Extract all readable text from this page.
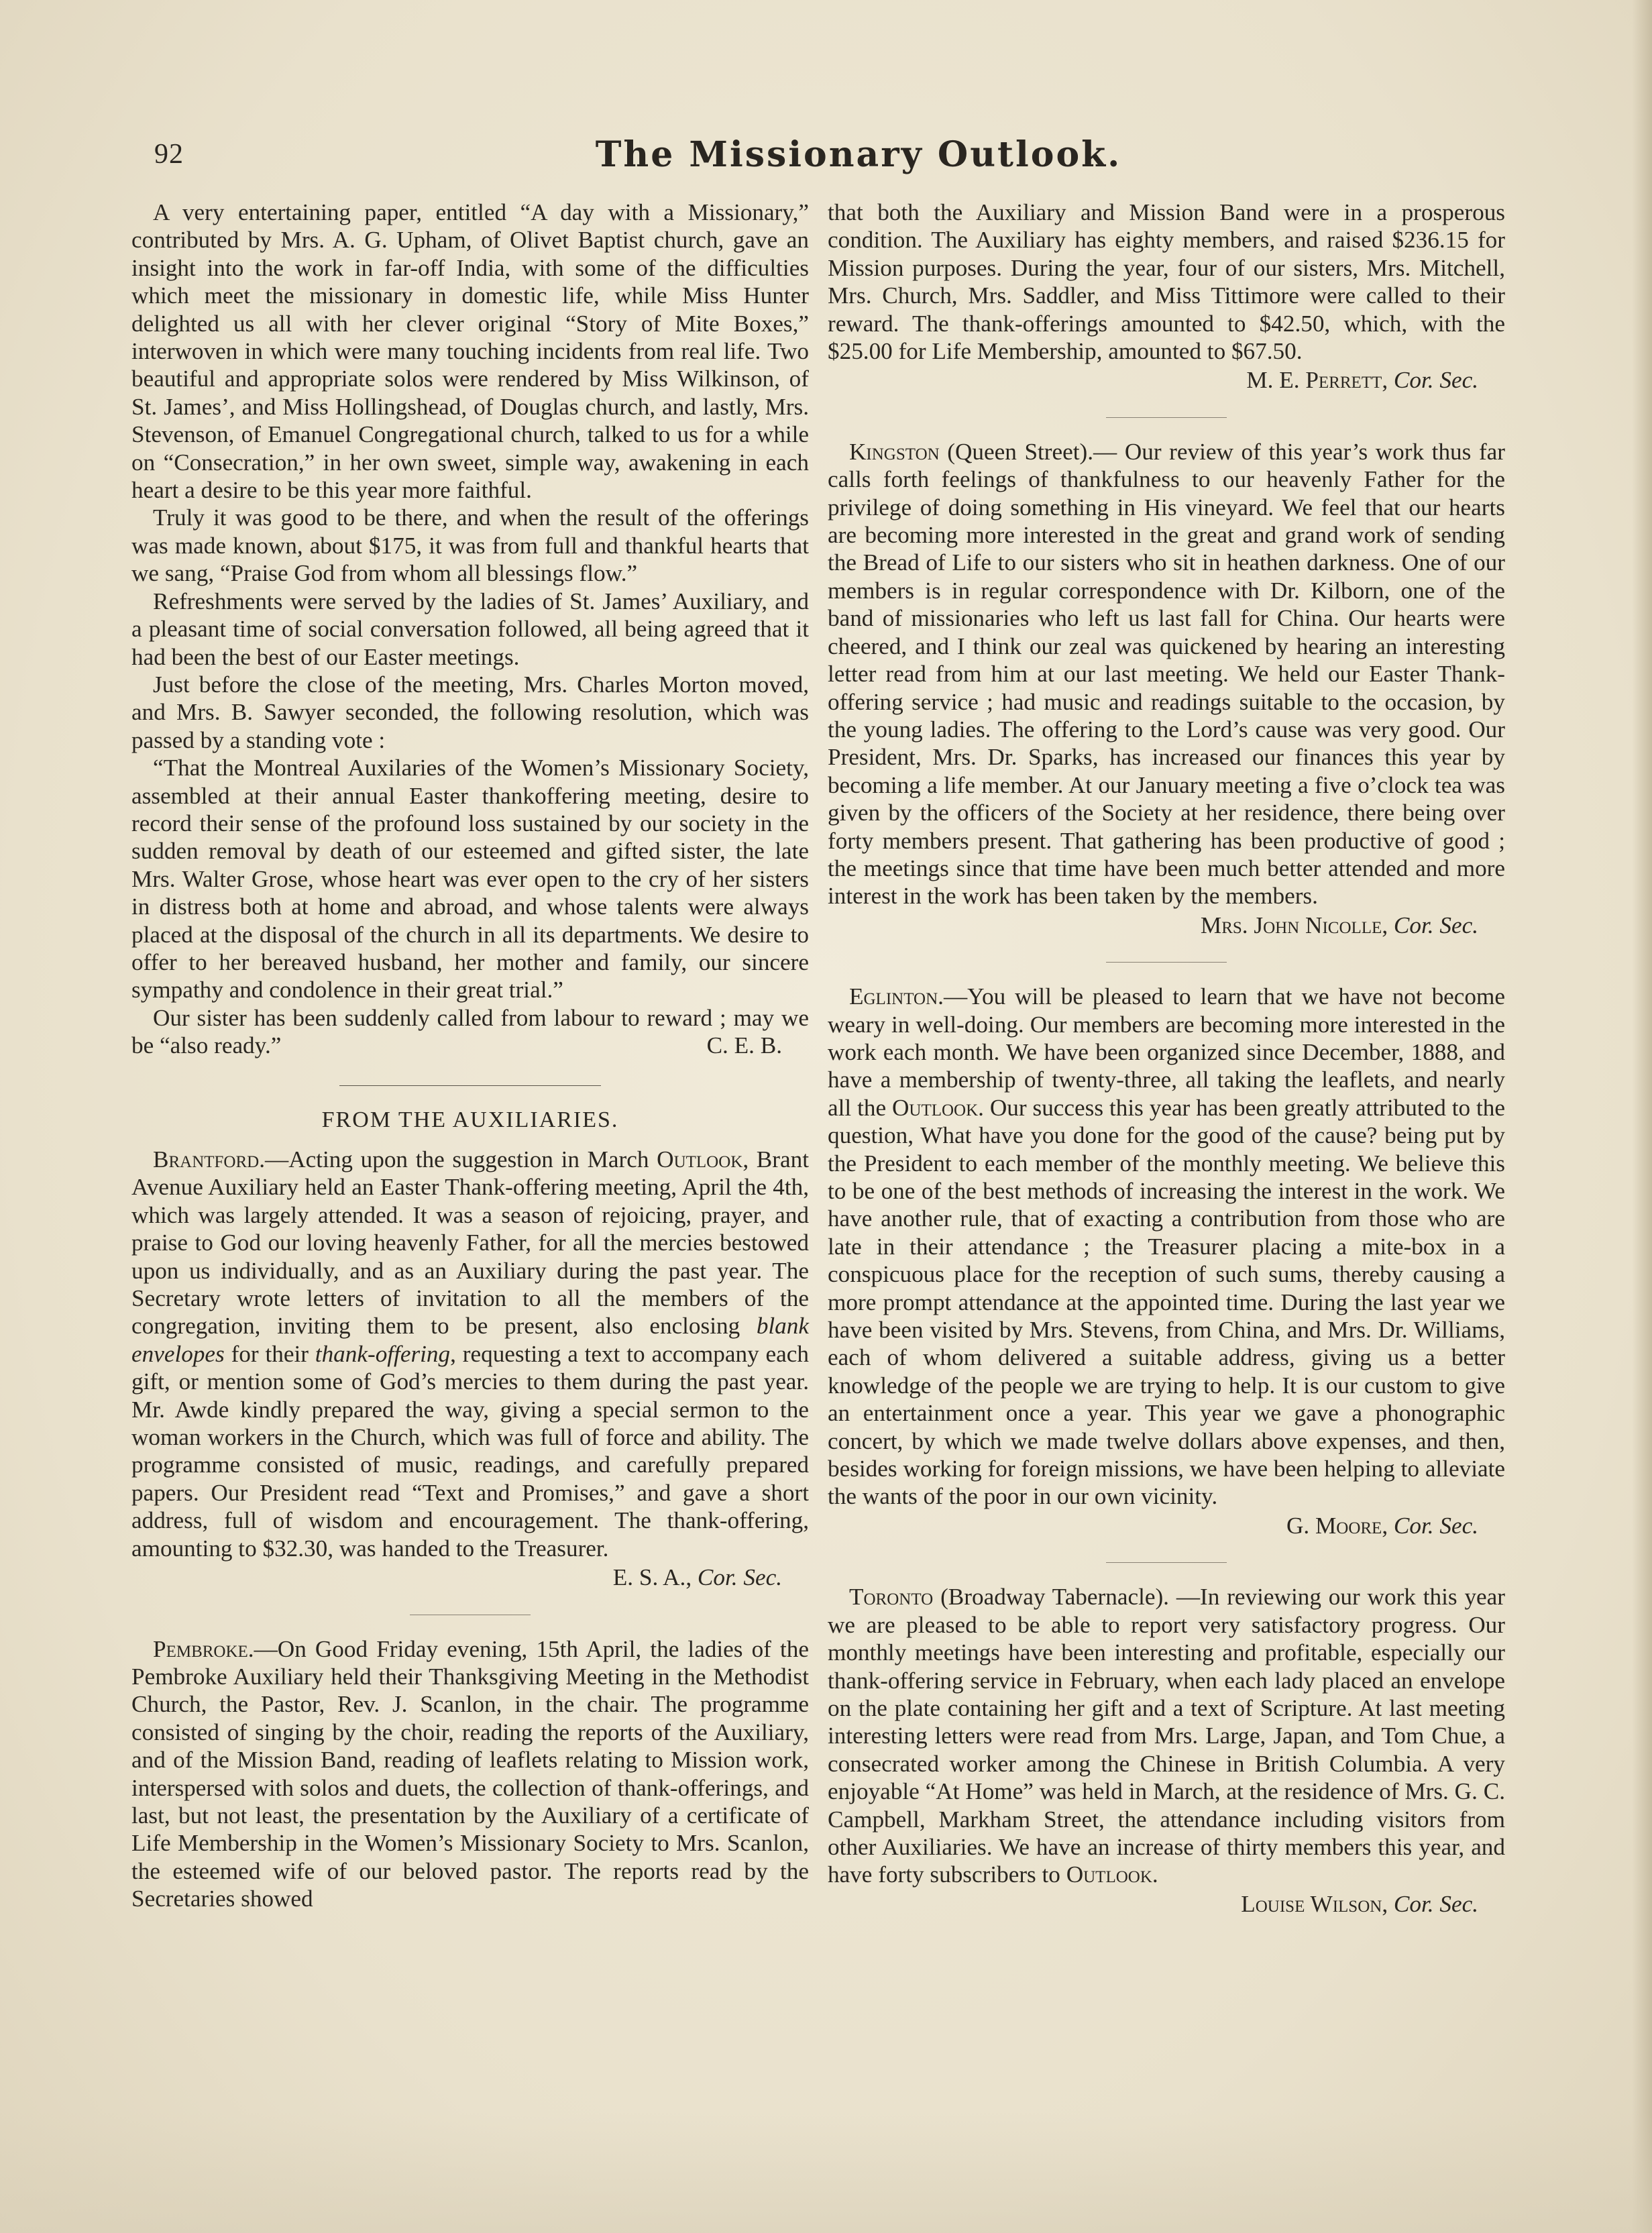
92	The Missionary Outlook.

A very entertaining paper, entitled “A day with a Missionary,” contributed by Mrs. A. G. Upham, of Olivet Baptist church, gave an insight into the work in far-off India, with some of the difficulties which meet the missionary in domestic life, while Miss Hunter delighted us all with her clever original “Story of Mite Boxes,” interwoven in which were many touching incidents from real life. Two beautiful and appropriate solos were rendered by Miss Wilkinson, of St. James’, and Miss Hollingshead, of Douglas church, and lastly, Mrs. Stevenson, of Emanuel Congregational church, talked to us for a while on “Consecration,” in her own sweet, simple way, awakening in each heart a desire to be this year more faithful.

Truly it was good to be there, and when the result of the offerings was made known, about $175, it was from full and thankful hearts that we sang, “Praise God from whom all blessings flow.”

Refreshments were served by the ladies of St. James’ Auxiliary, and a pleasant time of social conversation followed, all being agreed that it had been the best of our Easter meetings.

Just before the close of the meeting, Mrs. Charles Morton moved, and Mrs. B. Sawyer seconded, the following resolution, which was passed by a standing vote :

“That the Montreal Auxilaries of the Women’s Missionary Society, assembled at their annual Easter thankoffering meeting, desire to record their sense of the profound loss sustained by our society in the sudden removal by death of our esteemed and gifted sister, the late Mrs. Walter Grose, whose heart was ever open to the cry of her sisters in distress both at home and abroad, and whose talents were always placed at the disposal of the church in all its departments. We desire to offer to her bereaved husband, her mother and family, our sincere sympathy and condolence in their great trial.”

Our sister has been suddenly called from labour to reward ; may we be “also ready.”	C. E. B.

FROM THE AUXILIARIES.

Brantford.—Acting upon the suggestion in March Outlook, Brant Avenue Auxiliary held an Easter Thank-offering meeting, April the 4th, which was largely attended. It was a season of rejoicing, prayer, and praise to God our loving heavenly Father, for all the mercies bestowed upon us individually, and as an Auxiliary during the past year. The Secretary wrote letters of invitation to all the members of the congregation, inviting them to be present, also enclosing blank envelopes for their thank-offering, requesting a text to accompany each gift, or mention some of God’s mercies to them during the past year. Mr. Awde kindly prepared the way, giving a special sermon to the woman workers in the Church, which was full of force and ability. The programme consisted of music, readings, and carefully prepared papers. Our President read “Text and Promises,” and gave a short address, full of wisdom and encouragement. The thank-offering, amounting to $32.30, was handed to the Treasurer.

E. S. A., Cor. Sec.

Pembroke.—On Good Friday evening, 15th April, the ladies of the Pembroke Auxiliary held their Thanksgiving Meeting in the Methodist Church, the Pastor, Rev. J. Scanlon, in the chair. The programme consisted of singing by the choir, reading the reports of the Auxiliary, and of the Mission Band, reading of leaflets relating to Mission work, interspersed with solos and duets, the collection of thank-offerings, and last, but not least, the presentation by the Auxiliary of a certificate of Life Membership in the Women’s Missionary Society to Mrs. Scanlon, the esteemed wife of our beloved pastor. The reports read by the Secretaries showed

that both the Auxiliary and Mission Band were in a prosperous condition. The Auxiliary has eighty members, and raised $236.15 for Mission purposes. During the year, four of our sisters, Mrs. Mitchell, Mrs. Church, Mrs. Saddler, and Miss Tittimore were called to their reward. The thank-offerings amounted to $42.50, which, with the $25.00 for Life Membership, amounted to $67.50.

M. E. Perrett, Cor. Sec.

Kingston (Queen Street).— Our review of this year’s work thus far calls forth feelings of thankfulness to our heavenly Father for the privilege of doing something in His vineyard. We feel that our hearts are becoming more interested in the great and grand work of sending the Bread of Life to our sisters who sit in heathen darkness. One of our members is in regular correspondence with Dr. Kilborn, one of the band of missionaries who left us last fall for China. Our hearts were cheered, and I think our zeal was quickened by hearing an interesting letter read from him at our last meeting. We held our Easter Thank-offering service ; had music and readings suitable to the occasion, by the young ladies. The offering to the Lord’s cause was very good. Our President, Mrs. Dr. Sparks, has increased our finances this year by becoming a life member. At our January meeting a five o’clock tea was given by the officers of the Society at her residence, there being over forty members present. That gathering has been productive of good ; the meetings since that time have been much better attended and more interest in the work has been taken by the members.

Mrs. John Nicolle, Cor. Sec.

Eglinton.—You will be pleased to learn that we have not become weary in well-doing. Our members are becoming more interested in the work each month. We have been organized since December, 1888, and have a membership of twenty-three, all taking the leaflets, and nearly all the Outlook. Our success this year has been greatly attributed to the question, What have you done for the good of the cause? being put by the President to each member of the monthly meeting. We believe this to be one of the best methods of increasing the interest in the work. We have another rule, that of exacting a contribution from those who are late in their attendance ; the Treasurer placing a mite-box in a conspicuous place for the reception of such sums, thereby causing a more prompt attendance at the appointed time. During the last year we have been visited by Mrs. Stevens, from China, and Mrs. Dr. Williams, each of whom delivered a suitable address, giving us a better knowledge of the people we are trying to help. It is our custom to give an entertainment once a year. This year we gave a phonographic concert, by which we made twelve dollars above expenses, and then, besides working for foreign missions, we have been helping to alleviate the wants of the poor in our own vicinity.

G. Moore, Cor. Sec.

Toronto (Broadway Tabernacle). —In reviewing our work this year we are pleased to be able to report very satisfactory progress. Our monthly meetings have been interesting and profitable, especially our thank-offering service in February, when each lady placed an envelope on the plate containing her gift and a text of Scripture. At last meeting interesting letters were read from Mrs. Large, Japan, and Tom Chue, a consecrated worker among the Chinese in British Columbia. A very enjoyable “At Home” was held in March, at the residence of Mrs. G. C. Campbell, Markham Street, the attendance including visitors from other Auxiliaries. We have an increase of thirty members this year, and have forty subscribers to Outlook.

Louise Wilson, Cor. Sec.
